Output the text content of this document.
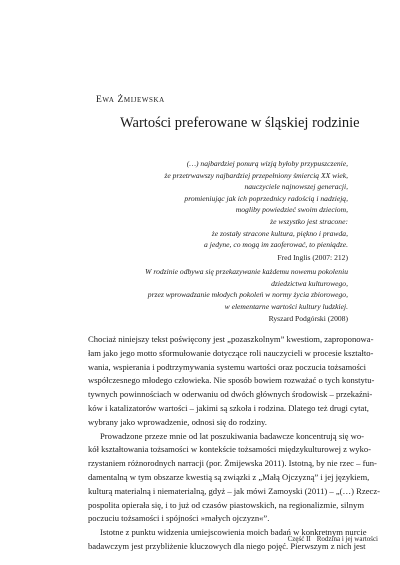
Ewa Żmijewska
Wartości preferowane w śląskiej rodzinie
(…) najbardziej ponurą wizją byłoby przypuszczenie,
że przetrwawszy najbardziej przepełniony śmiercią XX wiek,
nauczyciele najnowszej generacji,
promieniując jak ich poprzednicy radością i nadzieją,
mogliby powiedzieć swoim dzieciom,
że wszystko jest stracone:
że zostały stracone kultura, piękno i prawda,
a jedyne, co mogą im zaoferować, to pieniądze.
Fred Inglis (2007: 212)
W rodzinie odbywa się przekazywanie każdemu nowemu pokoleniu
dziedzictwa kulturowego,
przez wprowadzanie młodych pokoleń w normy życia zbiorowego,
w elementarne wartości kultury ludzkiej.
Ryszard Podgórski (2008)
Chociaż niniejszy tekst poświęcony jest „pozaszkolnym” kwestiom, zaproponowa-
łam jako jego motto sformułowanie dotyczące roli nauczycieli w procesie kształto-
wania, wspierania i podtrzymywania systemu wartości oraz poczucia tożsamości
współczesnego młodego człowieka. Nie sposób bowiem rozważać o tych konstytu-
tywnych powinnościach w oderwaniu od dwóch głównych środowisk – przekaźni-
ków i katalizatorów wartości – jakimi są szkoła i rodzina. Dlatego też drugi cytat,
wybrany jako wprowadzenie, odnosi się do rodziny.
Prowadzone przeze mnie od lat poszukiwania badawcze koncentrują się wo-
kół kształtowania tożsamości w kontekście tożsamości międzykulturowej z wyko-
rzystaniem różnorodnych narracji (por. Żmijewska 2011). Istotną, by nie rzec – fun-
damentalną w tym obszarze kwestią są związki z „Małą Ojczyzną” i jej językiem,
kulturą materialną i niematerialną, gdyż – jak mówi Zamoyski (2011) – „(…) Rzecz-
pospolita opierała się, i to już od czasów piastowskich, na regionalizmie, silnym
poczuciu tożsamości i spójności »małych ojczyzn«”.
Istotne z punktu widzenia umiejscowienia moich badań w konkretnym nurcie
badawczym jest przybliżenie kluczowych dla niego pojęć. Pierwszym z nich jest
Część II Rodzina i jej wartości
